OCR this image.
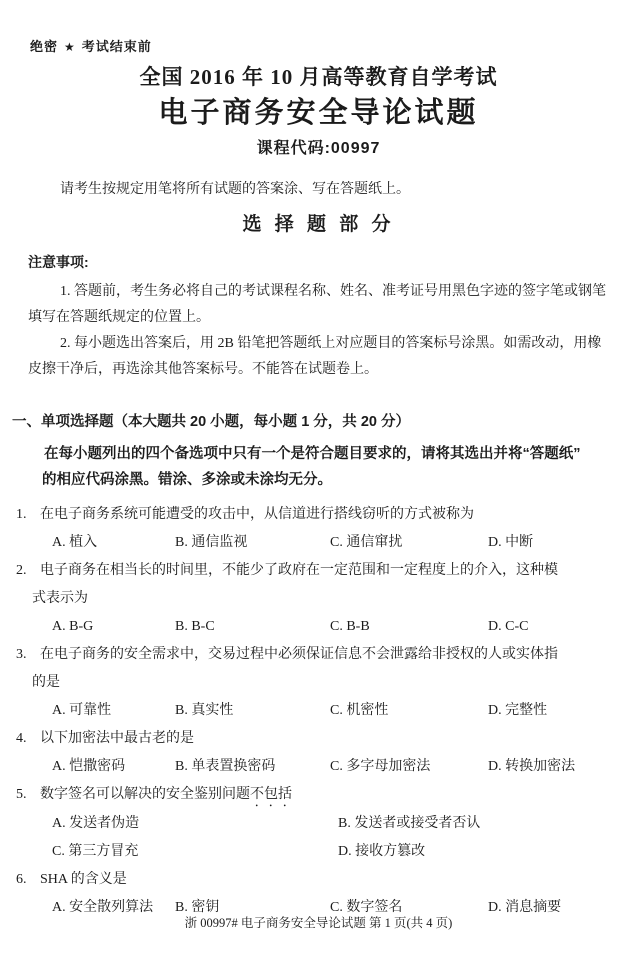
绝密 ★ 考试结束前
全国 2016 年 10 月高等教育自学考试
电子商务安全导论试题
课程代码:00997
请考生按规定用笔将所有试题的答案涂、写在答题纸上。
选 择 题 部 分
注意事项:
1. 答题前，考生务必将自己的考试课程名称、姓名、准考证号用黑色字迹的签字笔或钢笔
填写在答题纸规定的位置上。
2. 每小题选出答案后，用 2B 铅笔把答题纸上对应题目的答案标号涂黑。如需改动，用橡
皮擦干净后，再选涂其他答案标号。不能答在试题卷上。
一、单项选择题（本大题共 20 小题，每小题 1 分，共 20 分）
在每小题列出的四个备选项中只有一个是符合题目要求的，请将其选出并将“答题纸”
的相应代码涂黑。错涂、多涂或未涂均无分。
1. 在电子商务系统可能遭受的攻击中，从信道进行搭线窃听的方式被称为
A. 植入	B. 通信监视	C. 通信窜扰	D. 中断
2. 电子商务在相当长的时间里，不能少了政府在一定范围和一定程度上的介入，这种模
式表示为
A. B-G	B. B-C	C. B-B	D. C-C
3. 在电子商务的安全需求中，交易过程中必须保证信息不会泄露给非授权的人或实体指
的是
A. 可靠性	B. 真实性	C. 机密性	D. 完整性
4. 以下加密法中最古老的是
A. 恺撒密码	B. 单表置换密码	C. 多字母加密法	D. 转换加密法
5. 数字签名可以解决的安全鉴别问题不包括
A. 发送者伪造	B. 发送者或接受者否认
C. 第三方冒充	D. 接收方篡改
6. SHA 的含义是
A. 安全散列算法	B. 密钥	C. 数字签名	D. 消息摘要
浙 00997# 电子商务安全导论试题 第 1 页(共 4 页)
